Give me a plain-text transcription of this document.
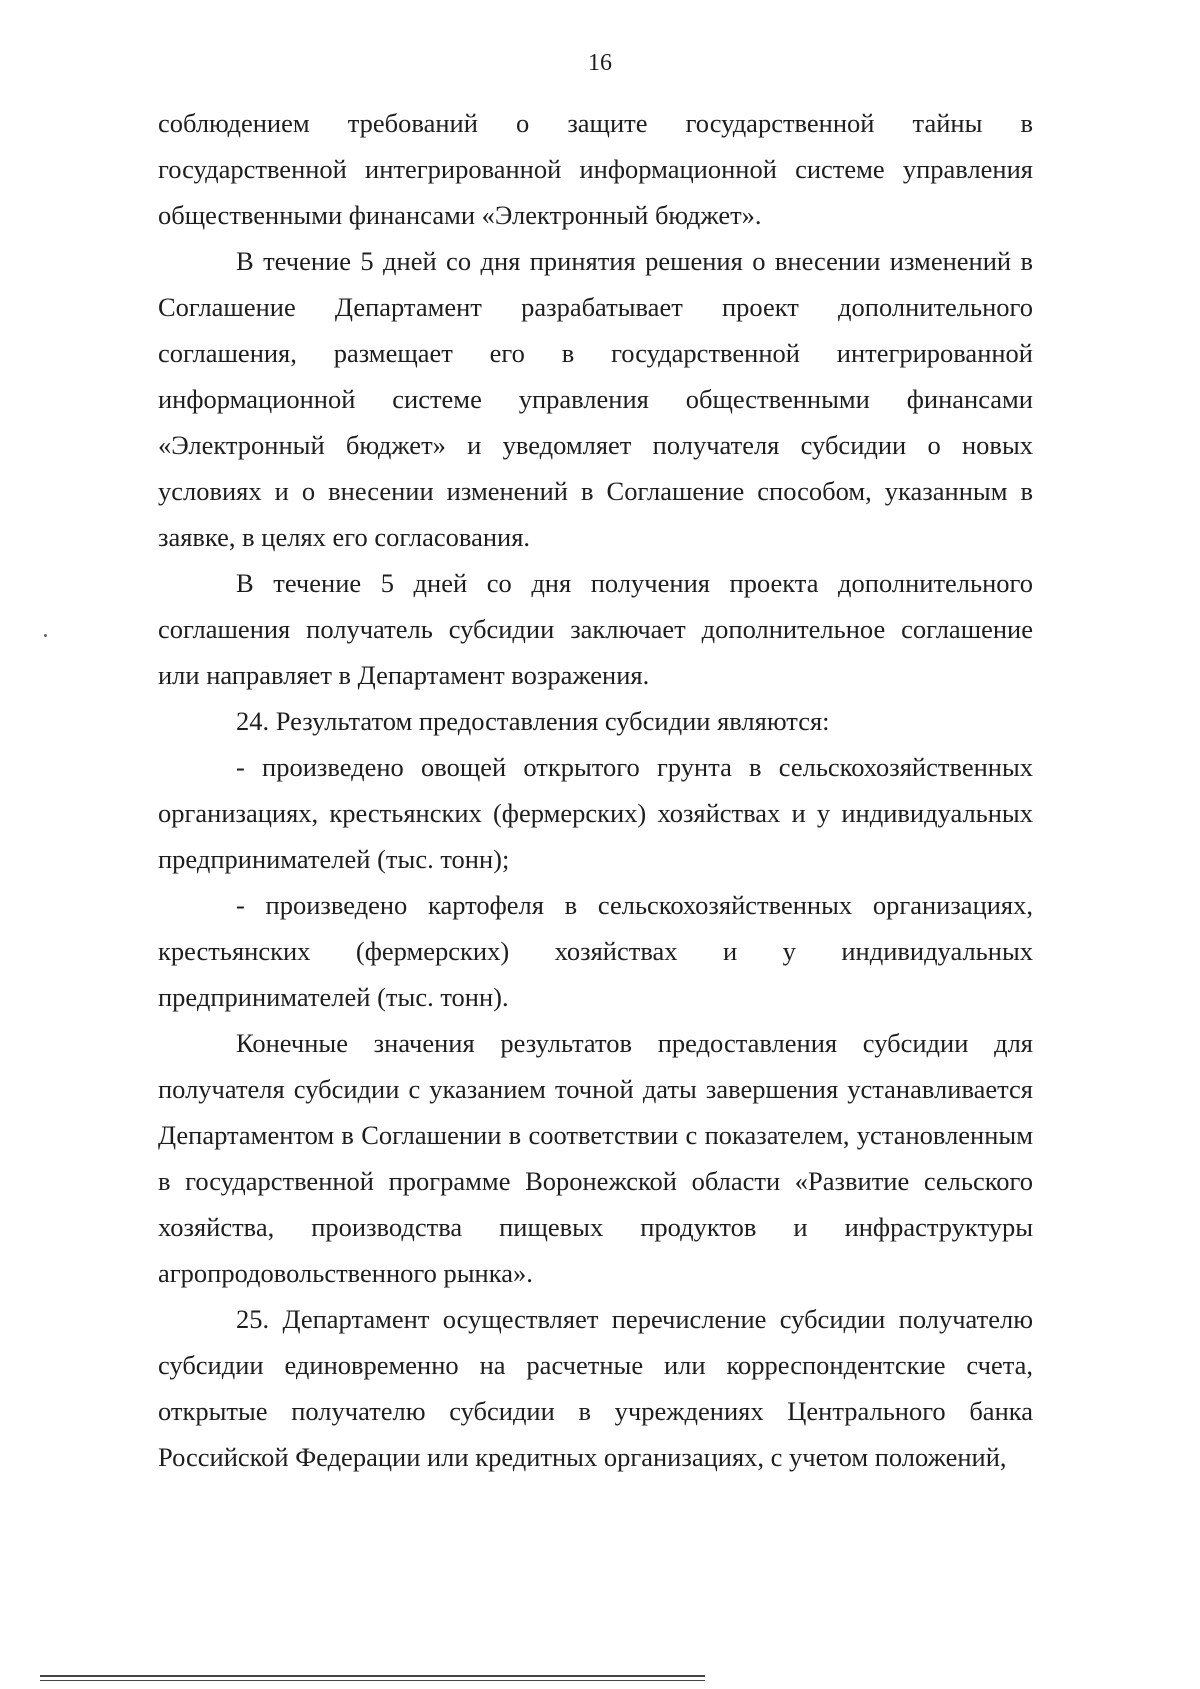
16

соблюдением требований о защите государственной тайны в государственной интегрированной информационной системе управления общественными финансами «Электронный бюджет».

В течение 5 дней со дня принятия решения о внесении изменений в Соглашение Департамент разрабатывает проект дополнительного соглашения, размещает его в государственной интегрированной информационной системе управления общественными финансами «Электронный бюджет» и уведомляет получателя субсидии о новых условиях и о внесении изменений в Соглашение способом, указанным в заявке, в целях его согласования.

В течение 5 дней со дня получения проекта дополнительного соглашения получатель субсидии заключает дополнительное соглашение или направляет в Департамент возражения.

24. Результатом предоставления субсидии являются:

- произведено овощей открытого грунта в сельскохозяйственных организациях, крестьянских (фермерских) хозяйствах и у индивидуальных предпринимателей (тыс. тонн);

- произведено картофеля в сельскохозяйственных организациях, крестьянских (фермерских) хозяйствах и у индивидуальных предпринимателей (тыс. тонн).

Конечные значения результатов предоставления субсидии для получателя субсидии с указанием точной даты завершения устанавливается Департаментом в Соглашении в соответствии с показателем, установленным в государственной программе Воронежской области «Развитие сельского хозяйства, производства пищевых продуктов и инфраструктуры агропродовольственного рынка».

25. Департамент осуществляет перечисление субсидии получателю субсидии единовременно на расчетные или корреспондентские счета, открытые получателю субсидии в учреждениях Центрального банка Российской Федерации или кредитных организациях, с учетом положений,
